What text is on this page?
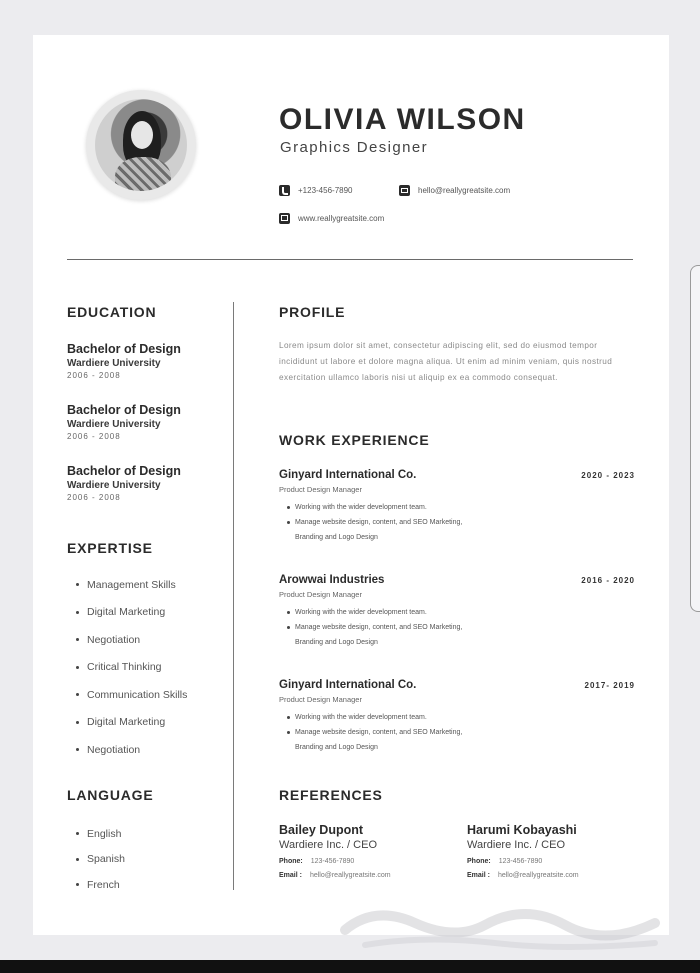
OLIVIA WILSON
Graphics Designer
+123-456-7890	hello@reallygreatsite.com
www.reallygreatsite.com
EDUCATION
Bachelor of Design
Wardiere University
2006 - 2008
Bachelor of Design
Wardiere University
2006 - 2008
Bachelor of Design
Wardiere University
2006 - 2008
EXPERTISE
Management Skills
Digital Marketing
Negotiation
Critical Thinking
Communication Skills
Digital Marketing
Negotiation
LANGUAGE
English
Spanish
French
PROFILE
Lorem ipsum dolor sit amet, consectetur adipiscing elit, sed do eiusmod tempor incididunt ut labore et dolore magna aliqua. Ut enim ad minim veniam, quis nostrud exercitation ullamco laboris nisi ut aliquip ex ea commodo consequat.
WORK EXPERIENCE
Ginyard International Co.	2020 - 2023
Product Design Manager
Working with the wider development team.
Manage website design, content, and SEO Marketing,
Branding and Logo Design
Arowwai Industries	2016 - 2020
Product Design Manager
Working with the wider development team.
Manage website design, content, and SEO Marketing,
Branding and Logo Design
Ginyard International Co.	2017- 2019
Product Design Manager
Working with the wider development team.
Manage website design, content, and SEO Marketing,
Branding and Logo Design
REFERENCES
Bailey Dupont
Wardiere Inc. / CEO
Phone: 123-456-7890
Email : hello@reallygreatsite.com
Harumi Kobayashi
Wardiere Inc. / CEO
Phone: 123-456-7890
Email : hello@reallygreatsite.com
